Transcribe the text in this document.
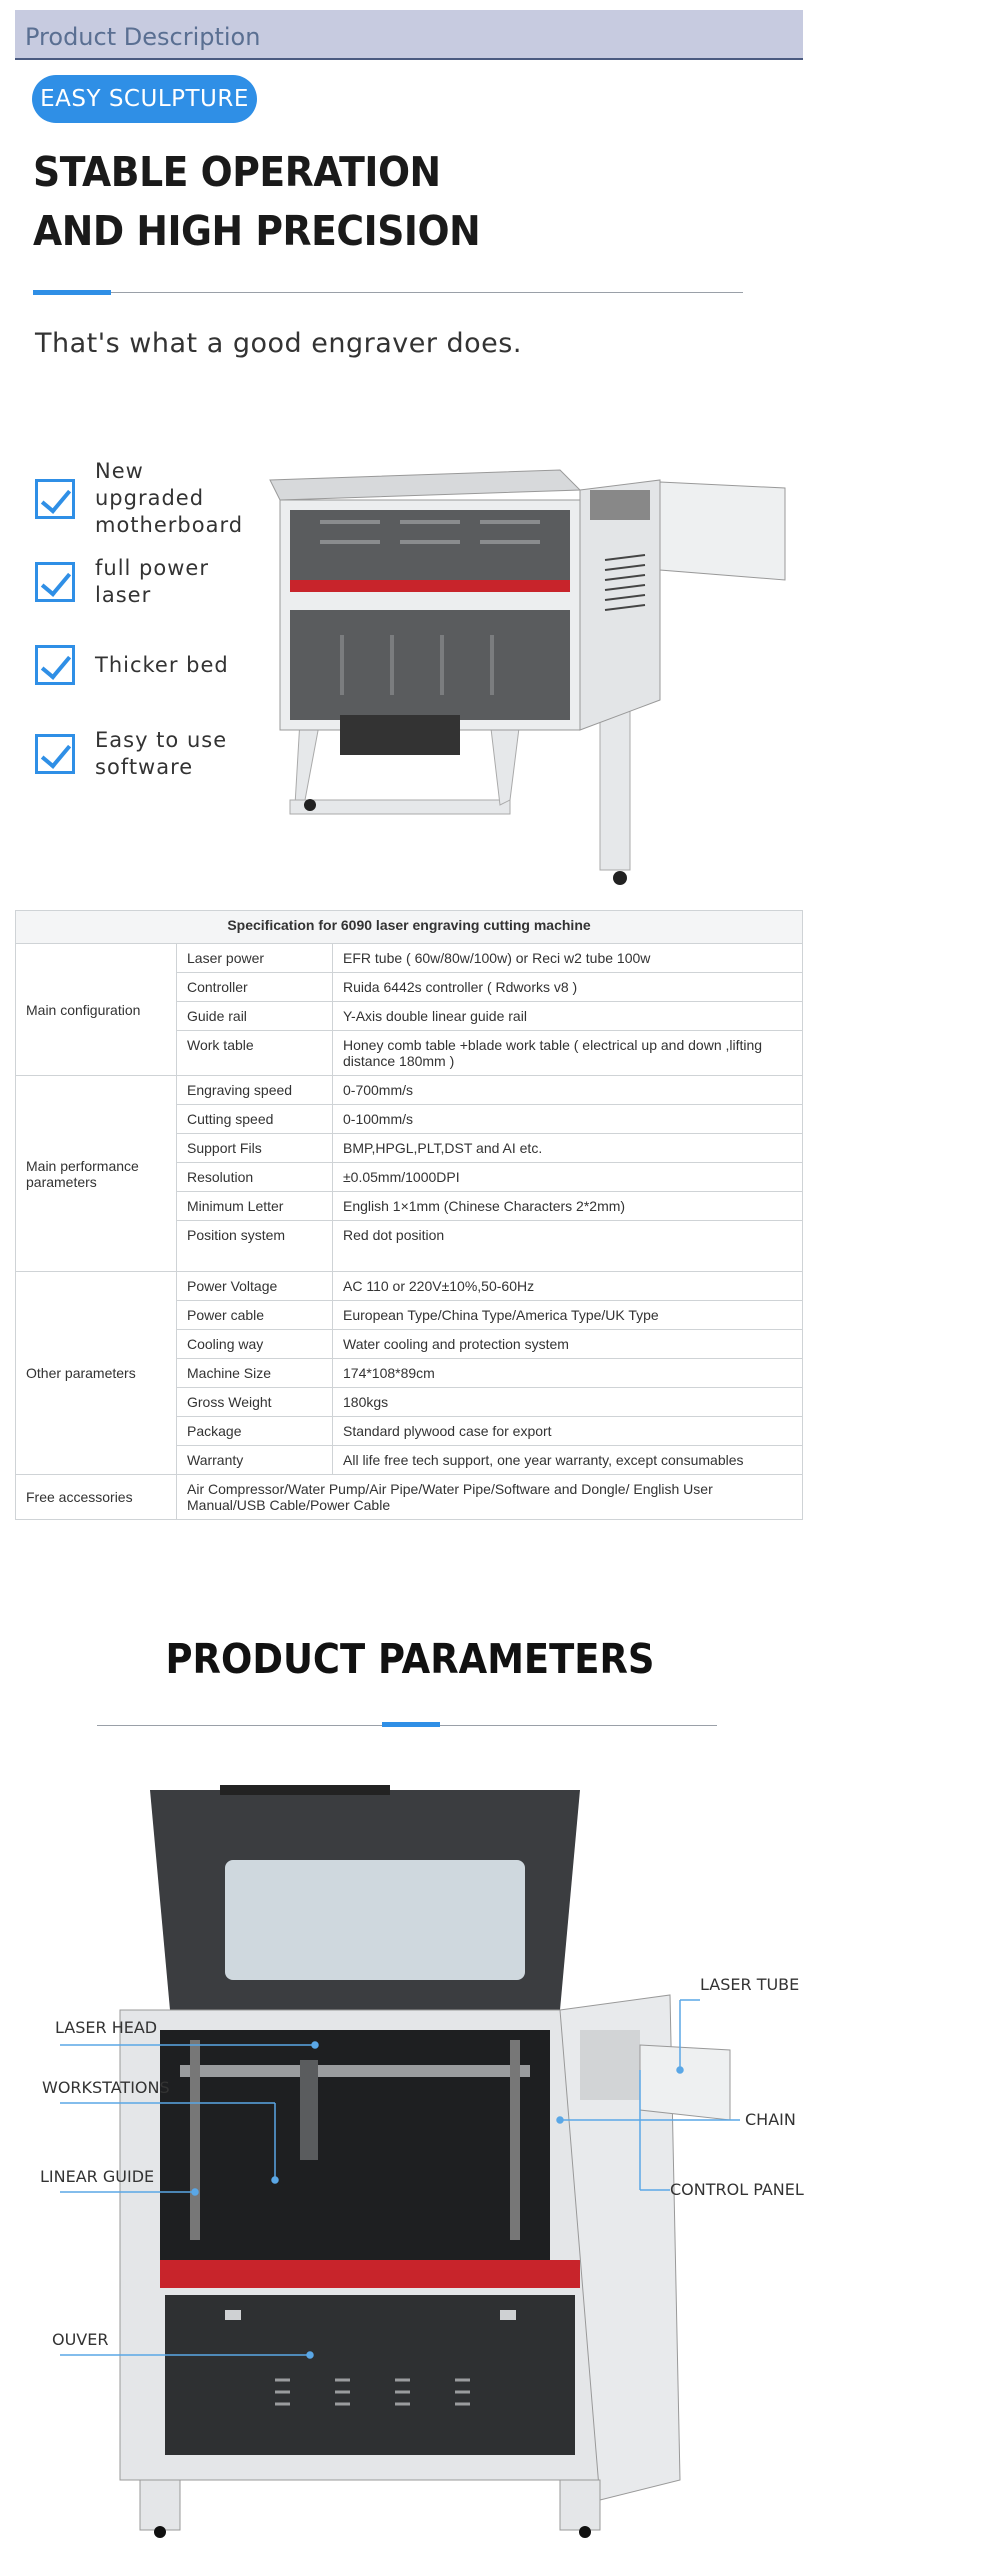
Product Description
EASY SCULPTURE
STABLE OPERATION
AND HIGH PRECISION
That's what a good engraver does.
New upgraded motherboard
full power laser
Thicker bed
Easy to use software
Specification for 6090 laser engraving cutting machine		
Main configuration	Laser power	EFR tube ( 60w/80w/100w) or Reci w2 tube 100w
	Controller	Ruida 6442s controller ( Rdworks v8 )
	Guide rail	Y-Axis double linear guide rail
	Work table	Honey comb table +blade work table ( electrical up and down ,lifting distance 180mm )
Main performance parameters	Engraving speed	0-700mm/s
	Cutting speed	0-100mm/s
	Support Fils	BMP,HPGL,PLT,DST and AI etc.
	Resolution	±0.05mm/1000DPI
	Minimum Letter	English 1×1mm (Chinese Characters 2*2mm)
	Position system	Red dot position
Other parameters	Power Voltage	AC 110 or 220V±10%,50-60Hz
	Power cable	European Type/China Type/America Type/UK Type
	Cooling way	Water cooling and protection system
	Machine Size	174*108*89cm
	Gross Weight	180kgs
	Package	Standard plywood case for export
	Warranty	All life free tech support, one year warranty, except consumables
Free accessories	Air Compressor/Water Pump/Air Pipe/Water Pipe/Software and Dongle/ English User Manual/USB Cable/Power Cable	
PRODUCT PARAMETERS
LASER HEAD
WORKSTATIONS
LINEAR GUIDE
OUVER
LASER TUBE
CHAIN
CONTROL PANEL
